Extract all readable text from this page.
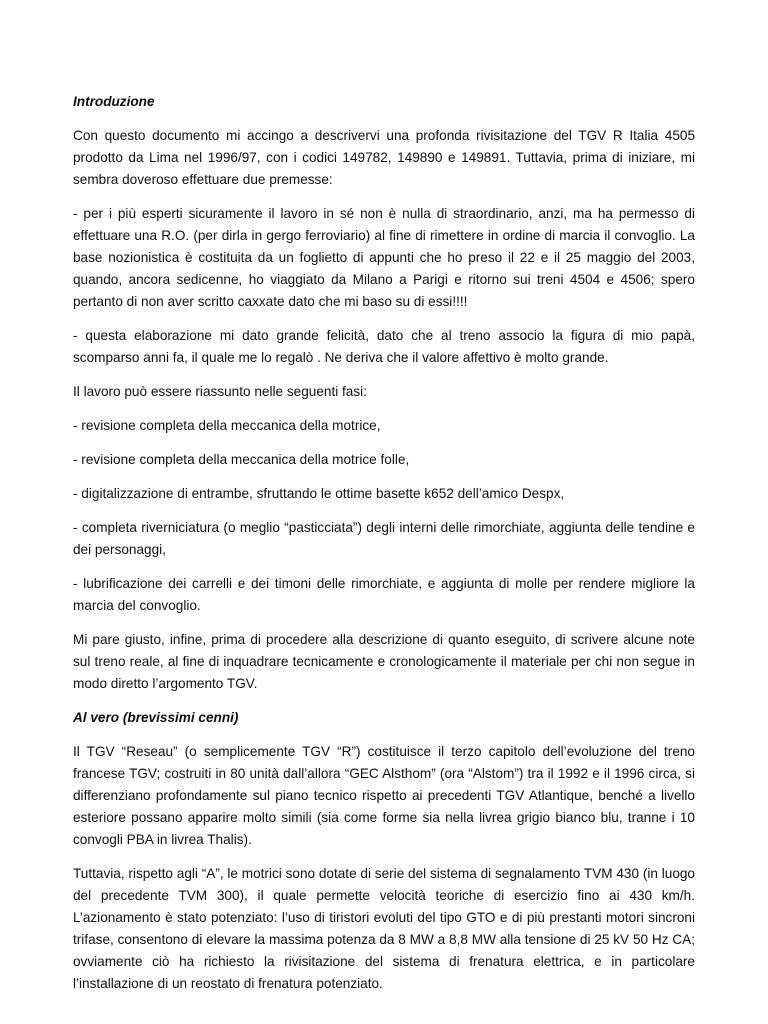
Introduzione

Con questo documento mi accingo a descrivervi una profonda rivisitazione del TGV R Italia 4505 prodotto da Lima nel 1996/97, con i codici 149782, 149890 e 149891. Tuttavia, prima di iniziare, mi sembra doveroso effettuare due premesse:

- per i più esperti sicuramente il lavoro in sé non è nulla di straordinario, anzi, ma ha permesso di effettuare una R.O. (per dirla in gergo ferroviario) al fine di rimettere in ordine di marcia il convoglio. La base nozionistica è costituita da un foglietto di appunti che ho preso il 22 e il 25 maggio del 2003, quando, ancora sedicenne, ho viaggiato da Milano a Parigi e ritorno sui treni 4504 e 4506; spero pertanto di non aver scritto caxxate dato che mi baso su di essi!!!!

- questa elaborazione mi dato grande felicità, dato che al treno associo la figura di mio papà, scomparso anni fa, il quale me lo regalò . Ne deriva che il valore affettivo è molto grande.

Il lavoro può essere riassunto nelle seguenti fasi:

- revisione completa della meccanica della motrice,

- revisione completa della meccanica della motrice folle,

- digitalizzazione di entrambe, sfruttando le ottime basette k652 dell’amico Despx,

- completa riverniciatura (o meglio “pasticciata”) degli interni delle rimorchiate, aggiunta delle tendine e dei personaggi,

- lubrificazione dei carrelli e dei timoni delle rimorchiate, e aggiunta di molle per rendere migliore la marcia del convoglio.

Mi pare giusto, infine, prima di procedere alla descrizione di quanto eseguito, di scrivere alcune note sul treno reale, al fine di inquadrare tecnicamente e cronologicamente il materiale per chi non segue in modo diretto l’argomento TGV.

Al vero (brevissimi cenni)

Il TGV “Reseau” (o semplicemente TGV “R”) costituisce il terzo capitolo dell’evoluzione del treno francese TGV; costruiti in 80 unità dall’allora “GEC Alsthom” (ora “Alstom”) tra il 1992 e il 1996 circa, si differenziano profondamente sul piano tecnico rispetto ai precedenti TGV Atlantique, benché a livello esteriore possano apparire molto simili (sia come forme sia nella livrea grigio bianco blu, tranne i 10 convogli PBA in livrea Thalis).

Tuttavia, rispetto agli “A”, le motrici sono dotate di serie del sistema di segnalamento TVM 430 (in luogo del precedente TVM 300), il quale permette velocità teoriche di esercizio fino ai 430 km/h. L’azionamento è stato potenziato: l’uso di tiristori evoluti del tipo GTO e di più prestanti motori sincroni trifase, consentono di elevare la massima potenza da 8 MW a 8,8 MW alla tensione di 25 kV 50 Hz CA; ovviamente ciò ha richiesto la rivisitazione del sistema di frenatura elettrica, e in particolare l’installazione di un reostato di frenatura potenziato.
